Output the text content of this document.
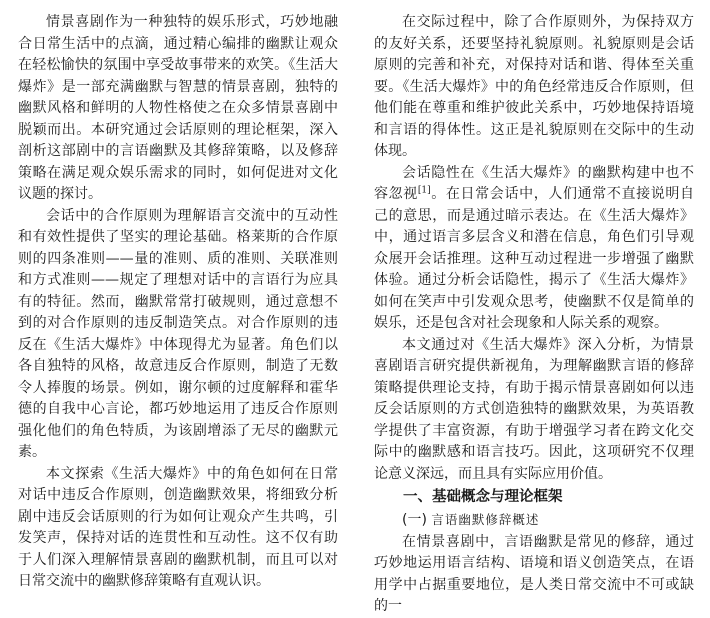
情景喜剧作为一种独特的娱乐形式，巧妙地融合日常生活中的点滴，通过精心编排的幽默让观众在轻松愉快的氛围中享受故事带来的欢笑。《生活大爆炸》是一部充满幽默与智慧的情景喜剧，独特的幽默风格和鲜明的人物性格使之在众多情景喜剧中脱颖而出。本研究通过会话原则的理论框架，深入剖析这部剧中的言语幽默及其修辞策略，以及修辞策略在满足观众娱乐需求的同时，如何促进对文化议题的探讨。

会话中的合作原则为理解语言交流中的互动性和有效性提供了坚实的理论基础。格莱斯的合作原则的四条准则——量的准则、质的准则、关联准则和方式准则——规定了理想对话中的言语行为应具有的特征。然而，幽默常常打破规则，通过意想不到的对合作原则的违反制造笑点。对合作原则的违反在《生活大爆炸》中体现得尤为显著。角色们以各自独特的风格，故意违反合作原则，制造了无数令人捧腹的场景。例如，谢尔顿的过度解释和霍华德的自我中心言论，都巧妙地运用了违反合作原则强化他们的角色特质，为该剧增添了无尽的幽默元素。

本文探索《生活大爆炸》中的角色如何在日常对话中违反合作原则，创造幽默效果，将细致分析剧中违反会话原则的行为如何让观众产生共鸣，引发笑声，保持对话的连贯性和互动性。这不仅有助于人们深入理解情景喜剧的幽默机制，而且可以对日常交流中的幽默修辞策略有直观认识。

在交际过程中，除了合作原则外，为保持双方的友好关系，还要坚持礼貌原则。礼貌原则是会话原则的完善和补充，对保持对话和谐、得体至关重要。《生活大爆炸》中的角色经常违反合作原则，但他们能在尊重和维护彼此关系中，巧妙地保持语境和言语的得体性。这正是礼貌原则在交际中的生动体现。

会话隐性在《生活大爆炸》的幽默构建中也不容忽视[1]。在日常会话中，人们通常不直接说明自己的意思，而是通过暗示表达。在《生活大爆炸》中，通过语言多层含义和潜在信息，角色们引导观众展开会话推理。这种互动过程进一步增强了幽默体验。通过分析会话隐性，揭示了《生活大爆炸》如何在笑声中引发观众思考，使幽默不仅是简单的娱乐，还是包含对社会现象和人际关系的观察。

本文通过对《生活大爆炸》深入分析，为情景喜剧语言研究提供新视角，为理解幽默言语的修辞策略提供理论支持，有助于揭示情景喜剧如何以违反会话原则的方式创造独特的幽默效果，为英语教学提供了丰富资源，有助于增强学习者在跨文化交际中的幽默感和语言技巧。因此，这项研究不仅理论意义深远，而且具有实际应用价值。

一、基础概念与理论框架

(一) 言语幽默修辞概述

在情景喜剧中，言语幽默是常见的修辞，通过巧妙地运用语言结构、语境和语义创造笑点，在语用学中占据重要地位，是人类日常交流中不可或缺的一
